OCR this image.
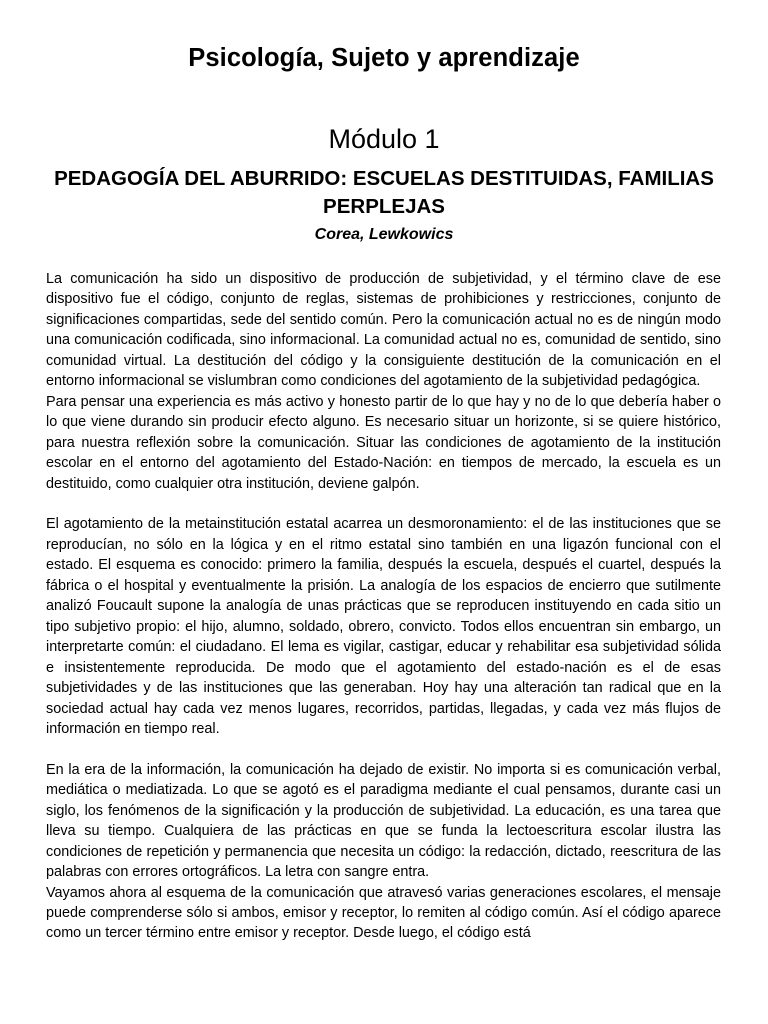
Psicología, Sujeto y aprendizaje
Módulo 1
PEDAGOGÍA DEL ABURRIDO: ESCUELAS DESTITUIDAS, FAMILIAS PERPLEJAS
Corea, Lewkowics

La comunicación ha sido un dispositivo de producción de subjetividad, y el término clave de ese dispositivo fue el código, conjunto de reglas, sistemas de prohibiciones y restricciones, conjunto de significaciones compartidas, sede del sentido común. Pero la comunicación actual no es de ningún modo una comunicación codificada, sino informacional. La comunidad actual no es, comunidad de sentido, sino comunidad virtual. La destitución del código y la consiguiente destitución de la comunicación en el entorno informacional se vislumbran como condiciones del agotamiento de la subjetividad pedagógica.

Para pensar una experiencia es más activo y honesto partir de lo que hay y no de lo que debería haber o lo que viene durando sin producir efecto alguno. Es necesario situar un horizonte, si se quiere histórico, para nuestra reflexión sobre la comunicación. Situar las condiciones de agotamiento de la institución escolar en el entorno del agotamiento del Estado-Nación: en tiempos de mercado, la escuela es un destituido, como cualquier otra institución, deviene galpón.

El agotamiento de la metainstitución estatal acarrea un desmoronamiento: el de las instituciones que se reproducían, no sólo en la lógica y en el ritmo estatal sino también en una ligazón funcional con el estado. El esquema es conocido: primero la familia, después la escuela, después el cuartel, después la fábrica o el hospital y eventualmente la prisión. La analogía de los espacios de encierro que sutilmente analizó Foucault supone la analogía de unas prácticas que se reproducen instituyendo en cada sitio un tipo subjetivo propio: el hijo, alumno, soldado, obrero, convicto. Todos ellos encuentran sin embargo, un interpretarte común: el ciudadano. El lema es vigilar, castigar, educar y rehabilitar esa subjetividad sólida e insistentemente reproducida. De modo que el agotamiento del estado-nación es el de esas subjetividades y de las instituciones que las generaban. Hoy hay una alteración tan radical que en la sociedad actual hay cada vez menos lugares, recorridos, partidas, llegadas, y cada vez más flujos de información en tiempo real.

En la era de la información, la comunicación ha dejado de existir. No importa si es comunicación verbal, mediática o mediatizada. Lo que se agotó es el paradigma mediante el cual pensamos, durante casi un siglo, los fenómenos de la significación y la producción de subjetividad. La educación, es una tarea que lleva su tiempo. Cualquiera de las prácticas en que se funda la lectoescritura escolar ilustra las condiciones de repetición y permanencia que necesita un código: la redacción, dictado, reescritura de las palabras con errores ortográficos. La letra con sangre entra.

Vayamos ahora al esquema de la comunicación que atravesó varias generaciones escolares, el mensaje puede comprenderse sólo si ambos, emisor y receptor, lo remiten al código común. Así el código aparece como un tercer término entre emisor y receptor. Desde luego, el código está
